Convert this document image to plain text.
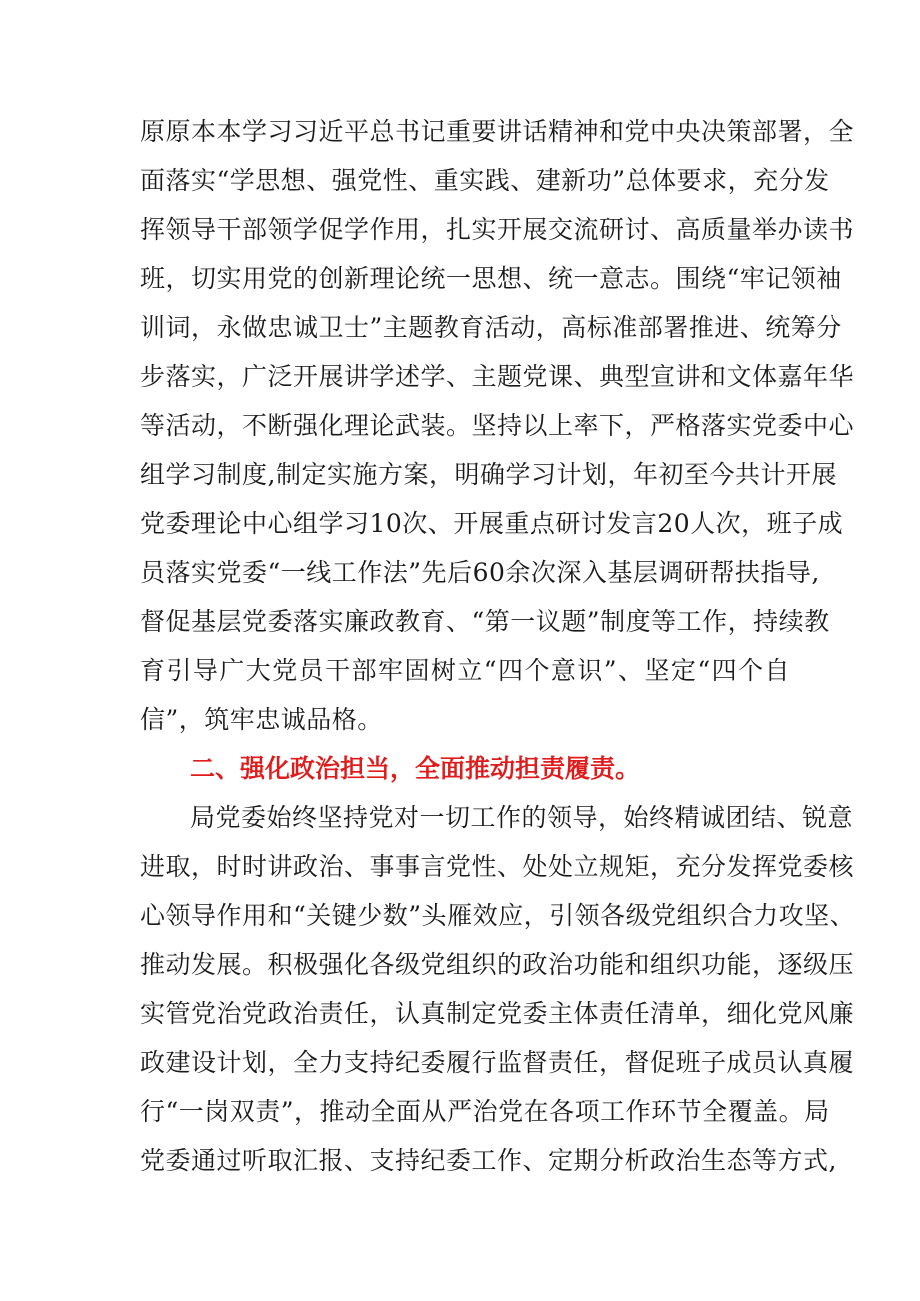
原原本本学习习近平总书记重要讲话精神和党中央决策部署，全
面落实“学思想、强党性、重实践、建新功”总体要求，充分发
挥领导干部领学促学作用，扎实开展交流研讨、高质量举办读书
班，切实用党的创新理论统一思想、统一意志。围绕“牢记领袖
训词，永做忠诚卫士”主题教育活动，高标准部署推进、统筹分
步落实，广泛开展讲学述学、主题党课、典型宣讲和文体嘉年华
等活动，不断强化理论武装。坚持以上率下，严格落实党委中心
组学习制度,制定实施方案，明确学习计划，年初至今共计开展
党委理论中心组学习10次、开展重点研讨发言20人次，班子成
员落实党委“一线工作法”先后60余次深入基层调研帮扶指导,
督促基层党委落实廉政教育、“第一议题”制度等工作，持续教
育引导广大党员干部牢固树立“四个意识”、坚定“四个自
信”，筑牢忠诚品格。
二、强化政治担当，全面推动担责履责。
局党委始终坚持党对一切工作的领导，始终精诚团结、锐意
进取，时时讲政治、事事言党性、处处立规矩，充分发挥党委核
心领导作用和“关键少数”头雁效应，引领各级党组织合力攻坚、
推动发展。积极强化各级党组织的政治功能和组织功能，逐级压
实管党治党政治责任，认真制定党委主体责任清单，细化党风廉
政建设计划，全力支持纪委履行监督责任，督促班子成员认真履
行“一岗双责”，推动全面从严治党在各项工作环节全覆盖。局
党委通过听取汇报、支持纪委工作、定期分析政治生态等方式,
